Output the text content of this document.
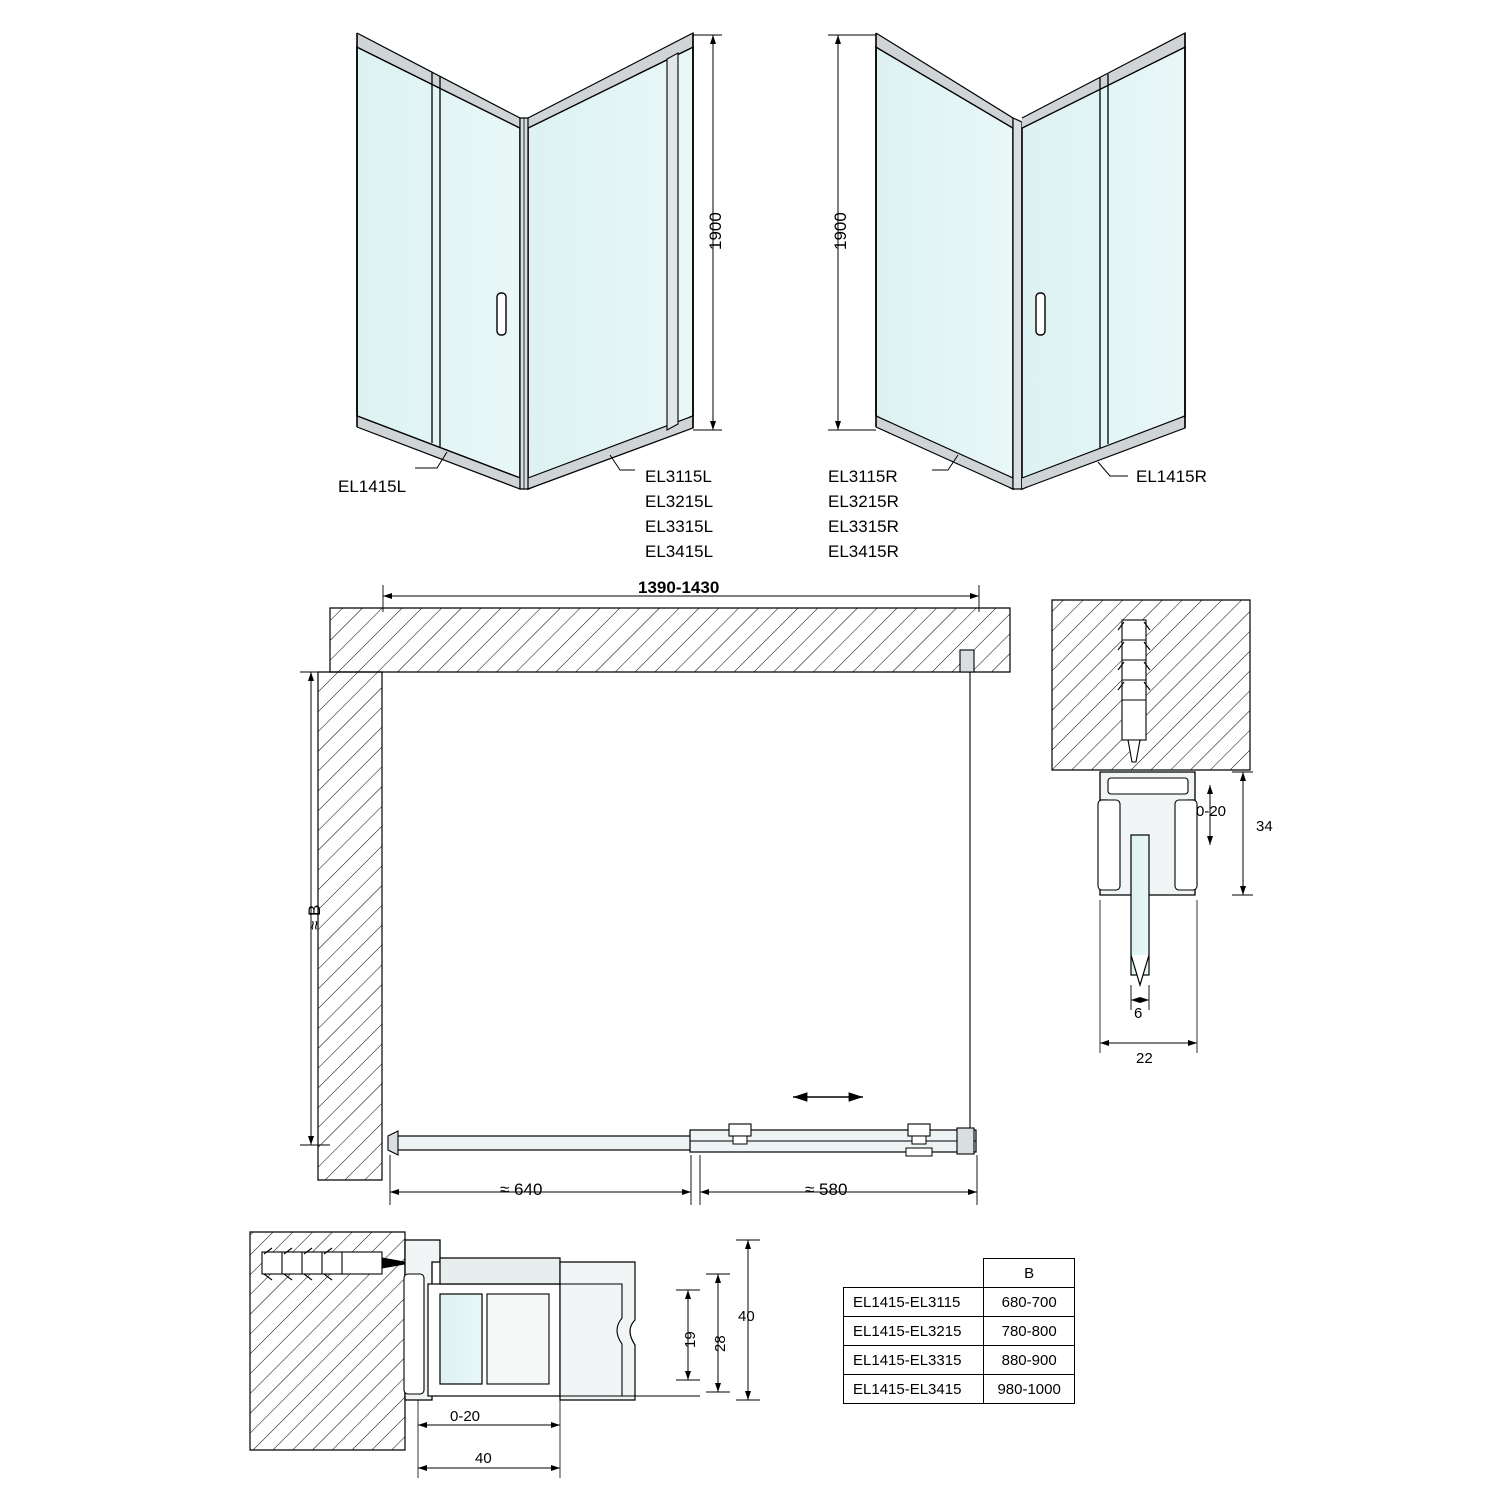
1900	1900
EL1415L
EL3115L
EL3215L
EL3315L
EL3415L
EL3115R
EL3215R
EL3315R
EL3415R
EL1415R
1390-1430
≈ B
≈ 640	≈ 580
0-20
34
6
22
19 28
40
0-20
40
	B
EL1415-EL3115	680-700
EL1415-EL3215	780-800
EL1415-EL3315	880-900
EL1415-EL3415	980-1000
